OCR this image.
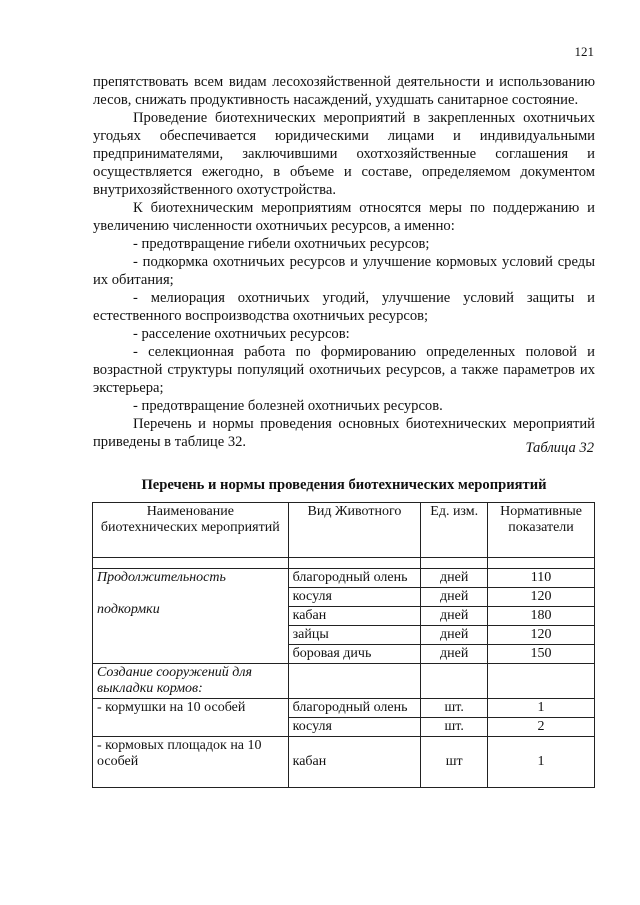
121

препятствовать всем видам лесохозяйственной деятельности и использованию лесов, снижать продуктивность насаждений, ухудшать санитарное состояние.

Проведение биотехнических мероприятий в закрепленных охотничьих угодьях обеспечивается юридическими лицами и индивидуальными предпринимателями, заключившими охотхозяйственные соглашения и осуществляется ежегодно, в объеме и составе, определяемом документом внутрихозяйственного охотустройства.

К биотехническим мероприятиям относятся меры по поддержанию и увеличению численности охотничьих ресурсов, а именно:

- предотвращение гибели охотничьих ресурсов;

- подкормка охотничьих ресурсов и улучшение кормовых условий среды их обитания;

- мелиорация охотничьих угодий, улучшение условий защиты и естественного воспроизводства охотничьих ресурсов;

- расселение охотничьих ресурсов:

- селекционная работа по формированию определенных половой и возрастной структуры популяций охотничьих ресурсов, а также параметров их экстерьера;

- предотвращение болезней охотничьих ресурсов.

Перечень и нормы проведения основных биотехнических мероприятий приведены в таблице 32.	Таблица 32
Перечень и нормы проведения биотехнических мероприятий
Наименование биотехнических мероприятий	Вид Животного	Ед. изм.	Нормативные показатели

Продолжительность
подкормки	благородный олень	дней	110
	косуля	дней	120
	кабан	дней	180
	зайцы	дней	120
	боровая дичь	дней	150
Создание сооружений для выкладки кормов:			
- кормушки на 10 особей	благородный олень	шт.	1
	косуля	шт.	2
- кормовых площадок на 10 особей	кабан	шт	1
